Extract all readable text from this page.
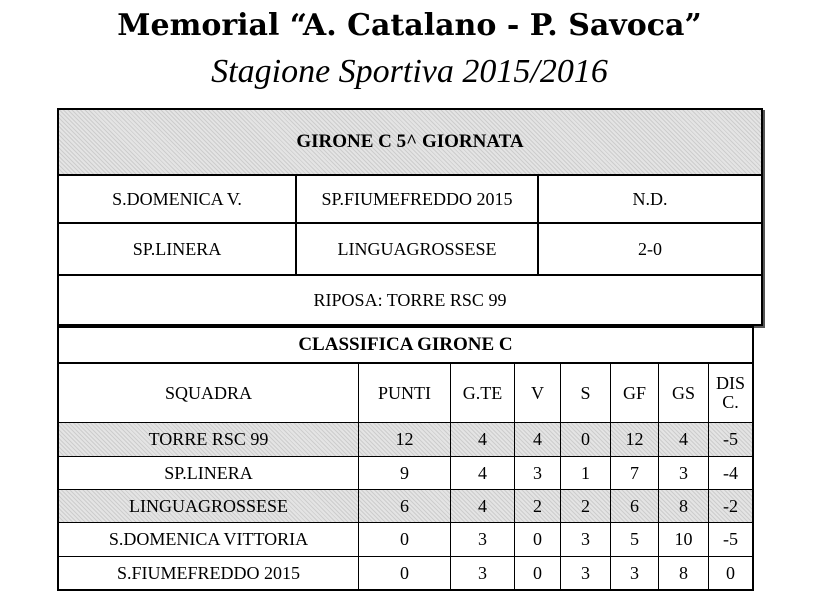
Memorial “A. Catalano - P. Savoca”
Stagione Sportiva 2015/2016
GIRONE C 5^ GIORNATA
S.DOMENICA V.	SP.FIUMEFREDDO 2015	N.D.
SP.LINERA	LINGUAGROSSESE	2-0
RIPOSA: TORRE RSC 99
CLASSIFICA GIRONE C
SQUADRA	PUNTI	G.TE	V	S	GF	GS	DIS
C.
TORRE RSC 99	12	4	4	0	12	4	-5
SP.LINERA	9	4	3	1	7	3	-4
LINGUAGROSSESE	6	4	2	2	6	8	-2
S.DOMENICA VITTORIA	0	3	0	3	5	10	-5
S.FIUMEFREDDO 2015	0	3	0	3	3	8	0
